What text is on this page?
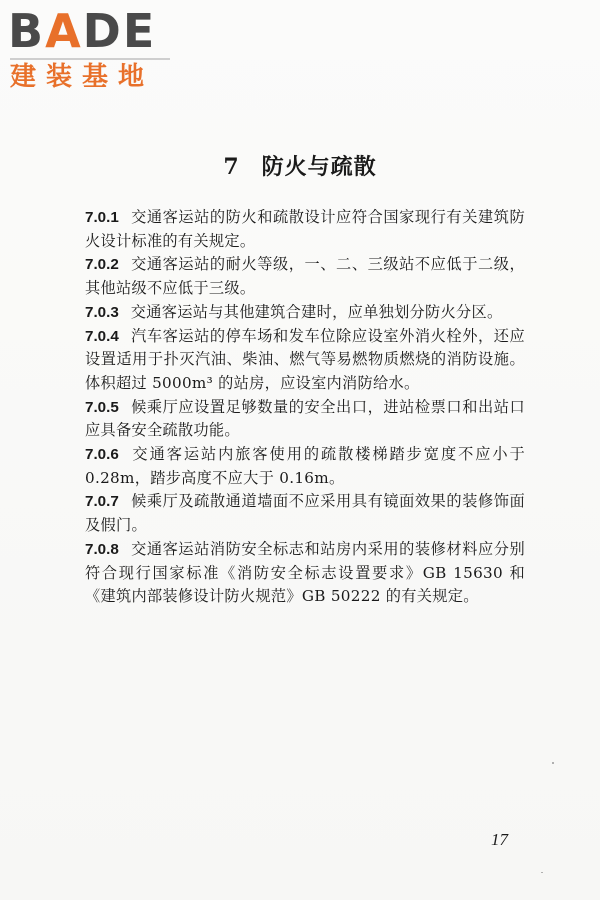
BADE
建装基地
7 防火与疏散
7.0.1 交通客运站的防火和疏散设计应符合国家现行有关建筑防火设计标准的有关规定。
7.0.2 交通客运站的耐火等级，一、二、三级站不应低于二级，其他站级不应低于三级。
7.0.3 交通客运站与其他建筑合建时，应单独划分防火分区。
7.0.4 汽车客运站的停车场和发车位除应设室外消火栓外，还应设置适用于扑灭汽油、柴油、燃气等易燃物质燃烧的消防设施。体积超过 5000m³ 的站房，应设室内消防给水。
7.0.5 候乘厅应设置足够数量的安全出口，进站检票口和出站口应具备安全疏散功能。
7.0.6 交通客运站内旅客使用的疏散楼梯踏步宽度不应小于0.28m，踏步高度不应大于 0.16m。
7.0.7 候乘厅及疏散通道墙面不应采用具有镜面效果的装修饰面及假门。
7.0.8 交通客运站消防安全标志和站房内采用的装修材料应分别符合现行国家标准《消防安全标志设置要求》GB 15630 和《建筑内部装修设计防火规范》GB 50222 的有关规定。
17
